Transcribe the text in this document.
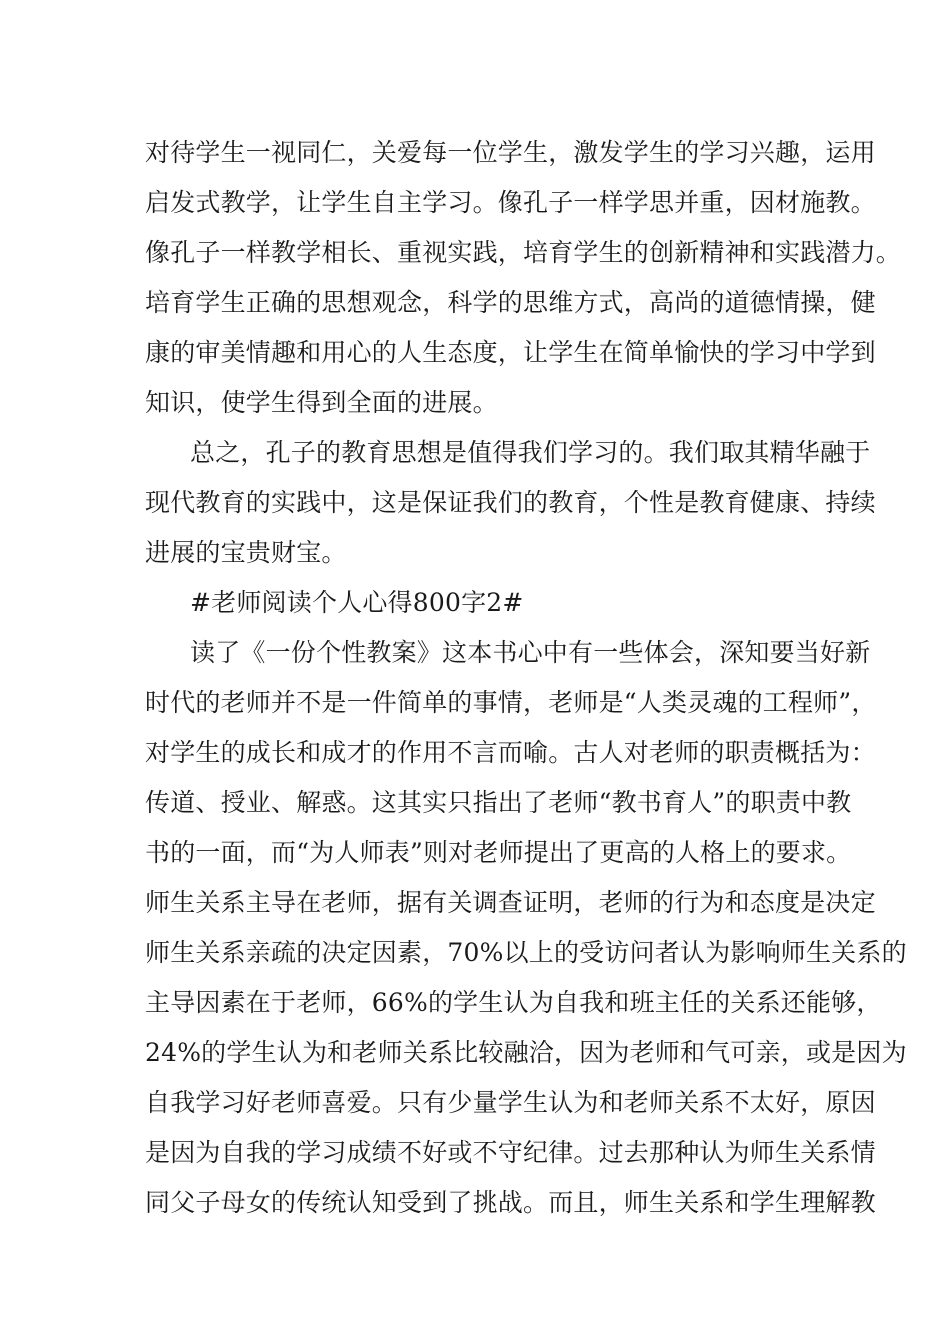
对待学生一视同仁，关爱每一位学生，激发学生的学习兴趣，运用
启发式教学，让学生自主学习。像孔子一样学思并重，因材施教。
像孔子一样教学相长、重视实践，培育学生的创新精神和实践潜力。
培育学生正确的思想观念，科学的思维方式，高尚的道德情操，健
康的审美情趣和用心的人生态度，让学生在简单愉快的学习中学到
知识，使学生得到全面的进展。
总之，孔子的教育思想是值得我们学习的。我们取其精华融于
现代教育的实践中，这是保证我们的教育，个性是教育健康、持续
进展的宝贵财宝。
#老师阅读个人心得800字2#
读了《一份个性教案》这本书心中有一些体会，深知要当好新
时代的老师并不是一件简单的事情，老师是“人类灵魂的工程师”，
对学生的成长和成才的作用不言而喻。古人对老师的职责概括为：
传道、授业、解惑。这其实只指出了老师“教书育人”的职责中教
书的一面，而“为人师表”则对老师提出了更高的人格上的要求。
师生关系主导在老师，据有关调查证明，老师的行为和态度是决定
师生关系亲疏的决定因素，70%以上的受访问者认为影响师生关系的
主导因素在于老师，66%的学生认为自我和班主任的关系还能够，
24%的学生认为和老师关系比较融洽，因为老师和气可亲，或是因为
自我学习好老师喜爱。只有少量学生认为和老师关系不太好，原因
是因为自我的学习成绩不好或不守纪律。过去那种认为师生关系情
同父子母女的传统认知受到了挑战。而且，师生关系和学生理解教
